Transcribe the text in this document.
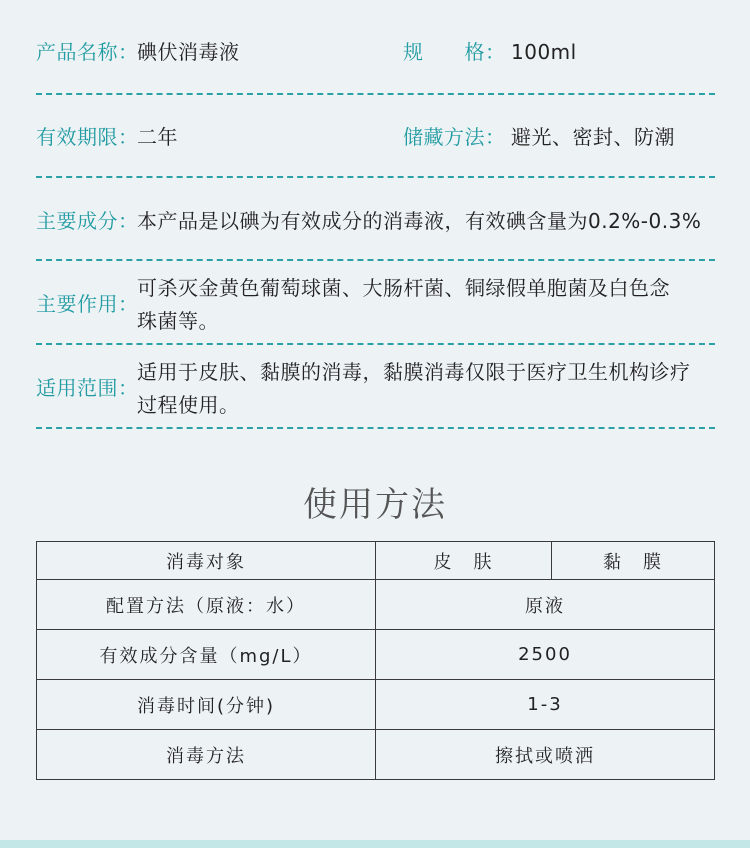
产品名称：
碘伏消毒液	规　　格： 100ml
有效期限：
二年	储藏方法： 避光、密封、防潮
主要成分：
本产品是以碘为有效成分的消毒液，有效碘含量为0.2%-0.3%
主要作用：
可杀灭金黄色葡萄球菌、大肠杆菌、铜绿假单胞菌及白色念
珠菌等。
适用范围：
适用于皮肤、黏膜的消毒，黏膜消毒仅限于医疗卫生机构诊疗
过程使用。
使用方法
消毒对象	皮　肤	黏　膜
配置方法（原液：水）	原液	
有效成分含量（mg/L）	2500	
消毒时间(分钟)	1-3	
消毒方法	擦拭或喷洒	
